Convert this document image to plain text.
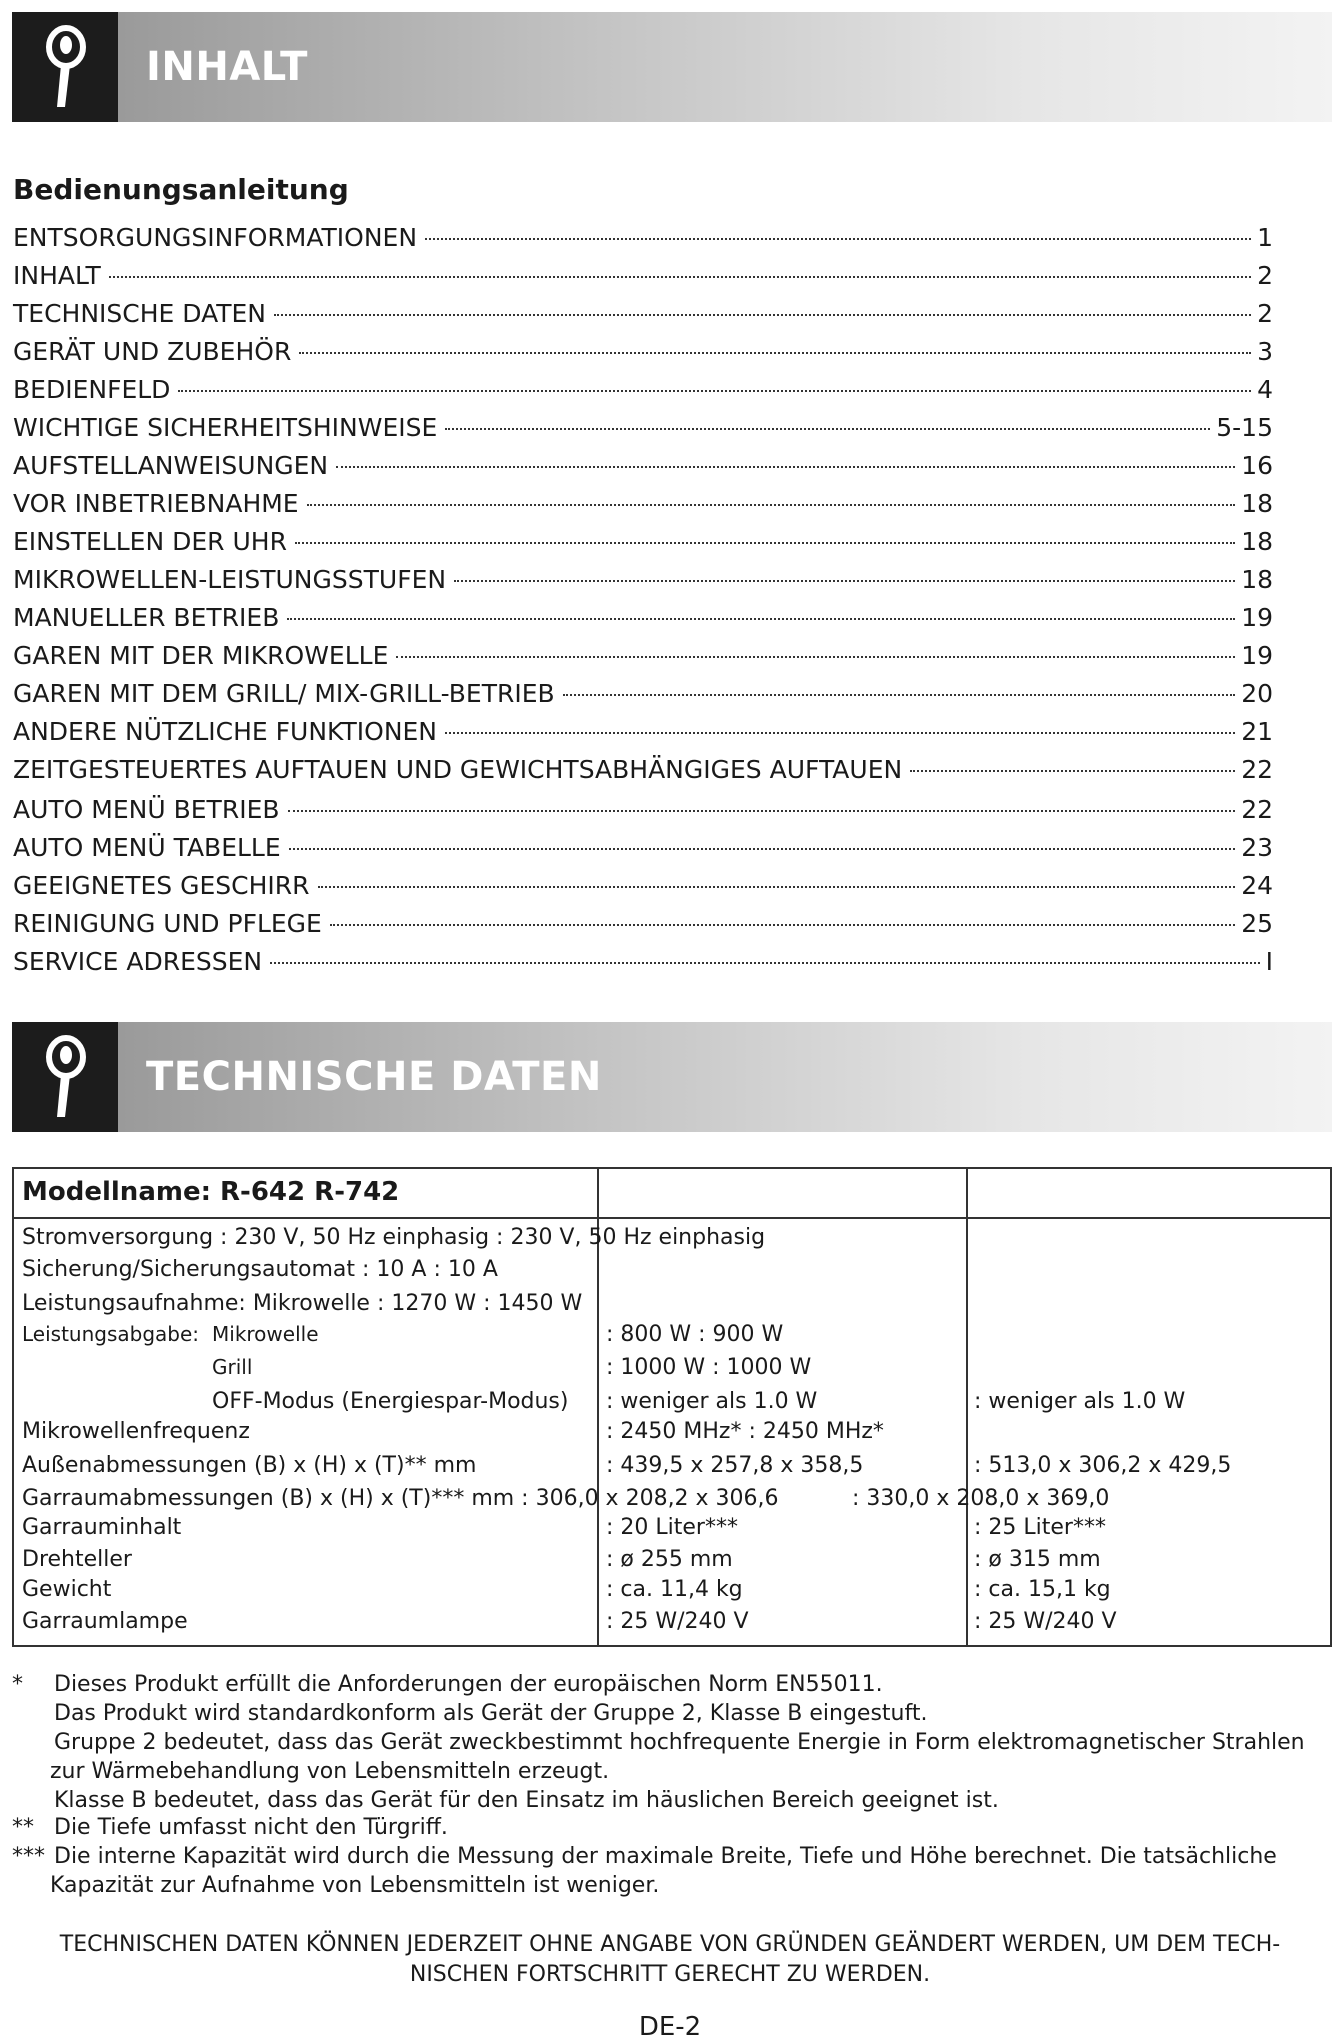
INHALT
Bedienungsanleitung
ENTSORGUNGSINFORMATIONEN	1
INHALT	2
TECHNISCHE DATEN	2
GERÄT UND ZUBEHÖR	3
BEDIENFELD	4
WICHTIGE SICHERHEITSHINWEISE	5-15
AUFSTELLANWEISUNGEN	16
VOR INBETRIEBNAHME	18
EINSTELLEN DER UHR	18
MIKROWELLEN-LEISTUNGSSTUFEN	18
MANUELLER BETRIEB	19
GAREN MIT DER MIKROWELLE	19
GAREN MIT DEM GRILL/ MIX-GRILL-BETRIEB	20
ANDERE NÜTZLICHE FUNKTIONEN	21
ZEITGESTEUERTES AUFTAUEN UND GEWICHTSABHÄNGIGES AUFTAUEN	22
AUTO MENÜ BETRIEB	22
AUTO MENÜ TABELLE	23
GEEIGNETES GESCHIRR	24
REINIGUNG UND PFLEGE	25
SERVICE ADRESSEN	I
TECHNISCHE DATEN
Modellname: R-642 R-742
Stromversorgung : 230 V, 50 Hz einphasig : 230 V, 50 Hz einphasig
Sicherung/Sicherungsautomat : 10 A : 10 A
Leistungsaufnahme: Mikrowelle : 1270 W : 1450 W
Leistungsabgabe: Mikrowelle	: 800 W : 900 W
Grill	: 1000 W : 1000 W
OFF-Modus (Energiespar-Modus) : weniger als 1.0 W	: weniger als 1.0 W
Mikrowellenfrequenz	: 2450 MHz* : 2450 MHz*
Außenabmessungen (B) x (H) x (T)** mm	: 439,5 x 257,8 x 358,5	: 513,0 x 306,2 x 429,5
Garraumabmessungen (B) x (H) x (T)*** mm : 306,0 x 208,2 x 306,6	: 330,0 x 208,0 x 369,0
Garrauminhalt	: 20 Liter***	: 25 Liter***
Drehteller	: ø 255 mm	: ø 315 mm
Gewicht	: ca. 11,4 kg	: ca. 15,1 kg
Garraumlampe	: 25 W/240 V	: 25 W/240 V
* Dieses Produkt erfüllt die Anforderungen der europäischen Norm EN55011.
Das Produkt wird standardkonform als Gerät der Gruppe 2, Klasse B eingestuft.
Gruppe 2 bedeutet, dass das Gerät zweckbestimmt hochfrequente Energie in Form elektromagnetischer Strahlen
zur Wärmebehandlung von Lebensmitteln erzeugt.
Klasse B bedeutet, dass das Gerät für den Einsatz im häuslichen Bereich geeignet ist.
** Die Tiefe umfasst nicht den Türgriff.
*** Die interne Kapazität wird durch die Messung der maximale Breite, Tiefe und Höhe berechnet. Die tatsächliche
Kapazität zur Aufnahme von Lebensmitteln ist weniger.
TECHNISCHEN DATEN KÖNNEN JEDERZEIT OHNE ANGABE VON GRÜNDEN GEÄNDERT WERDEN, UM DEM TECH-
NISCHEN FORTSCHRITT GERECHT ZU WERDEN.
DE-2
